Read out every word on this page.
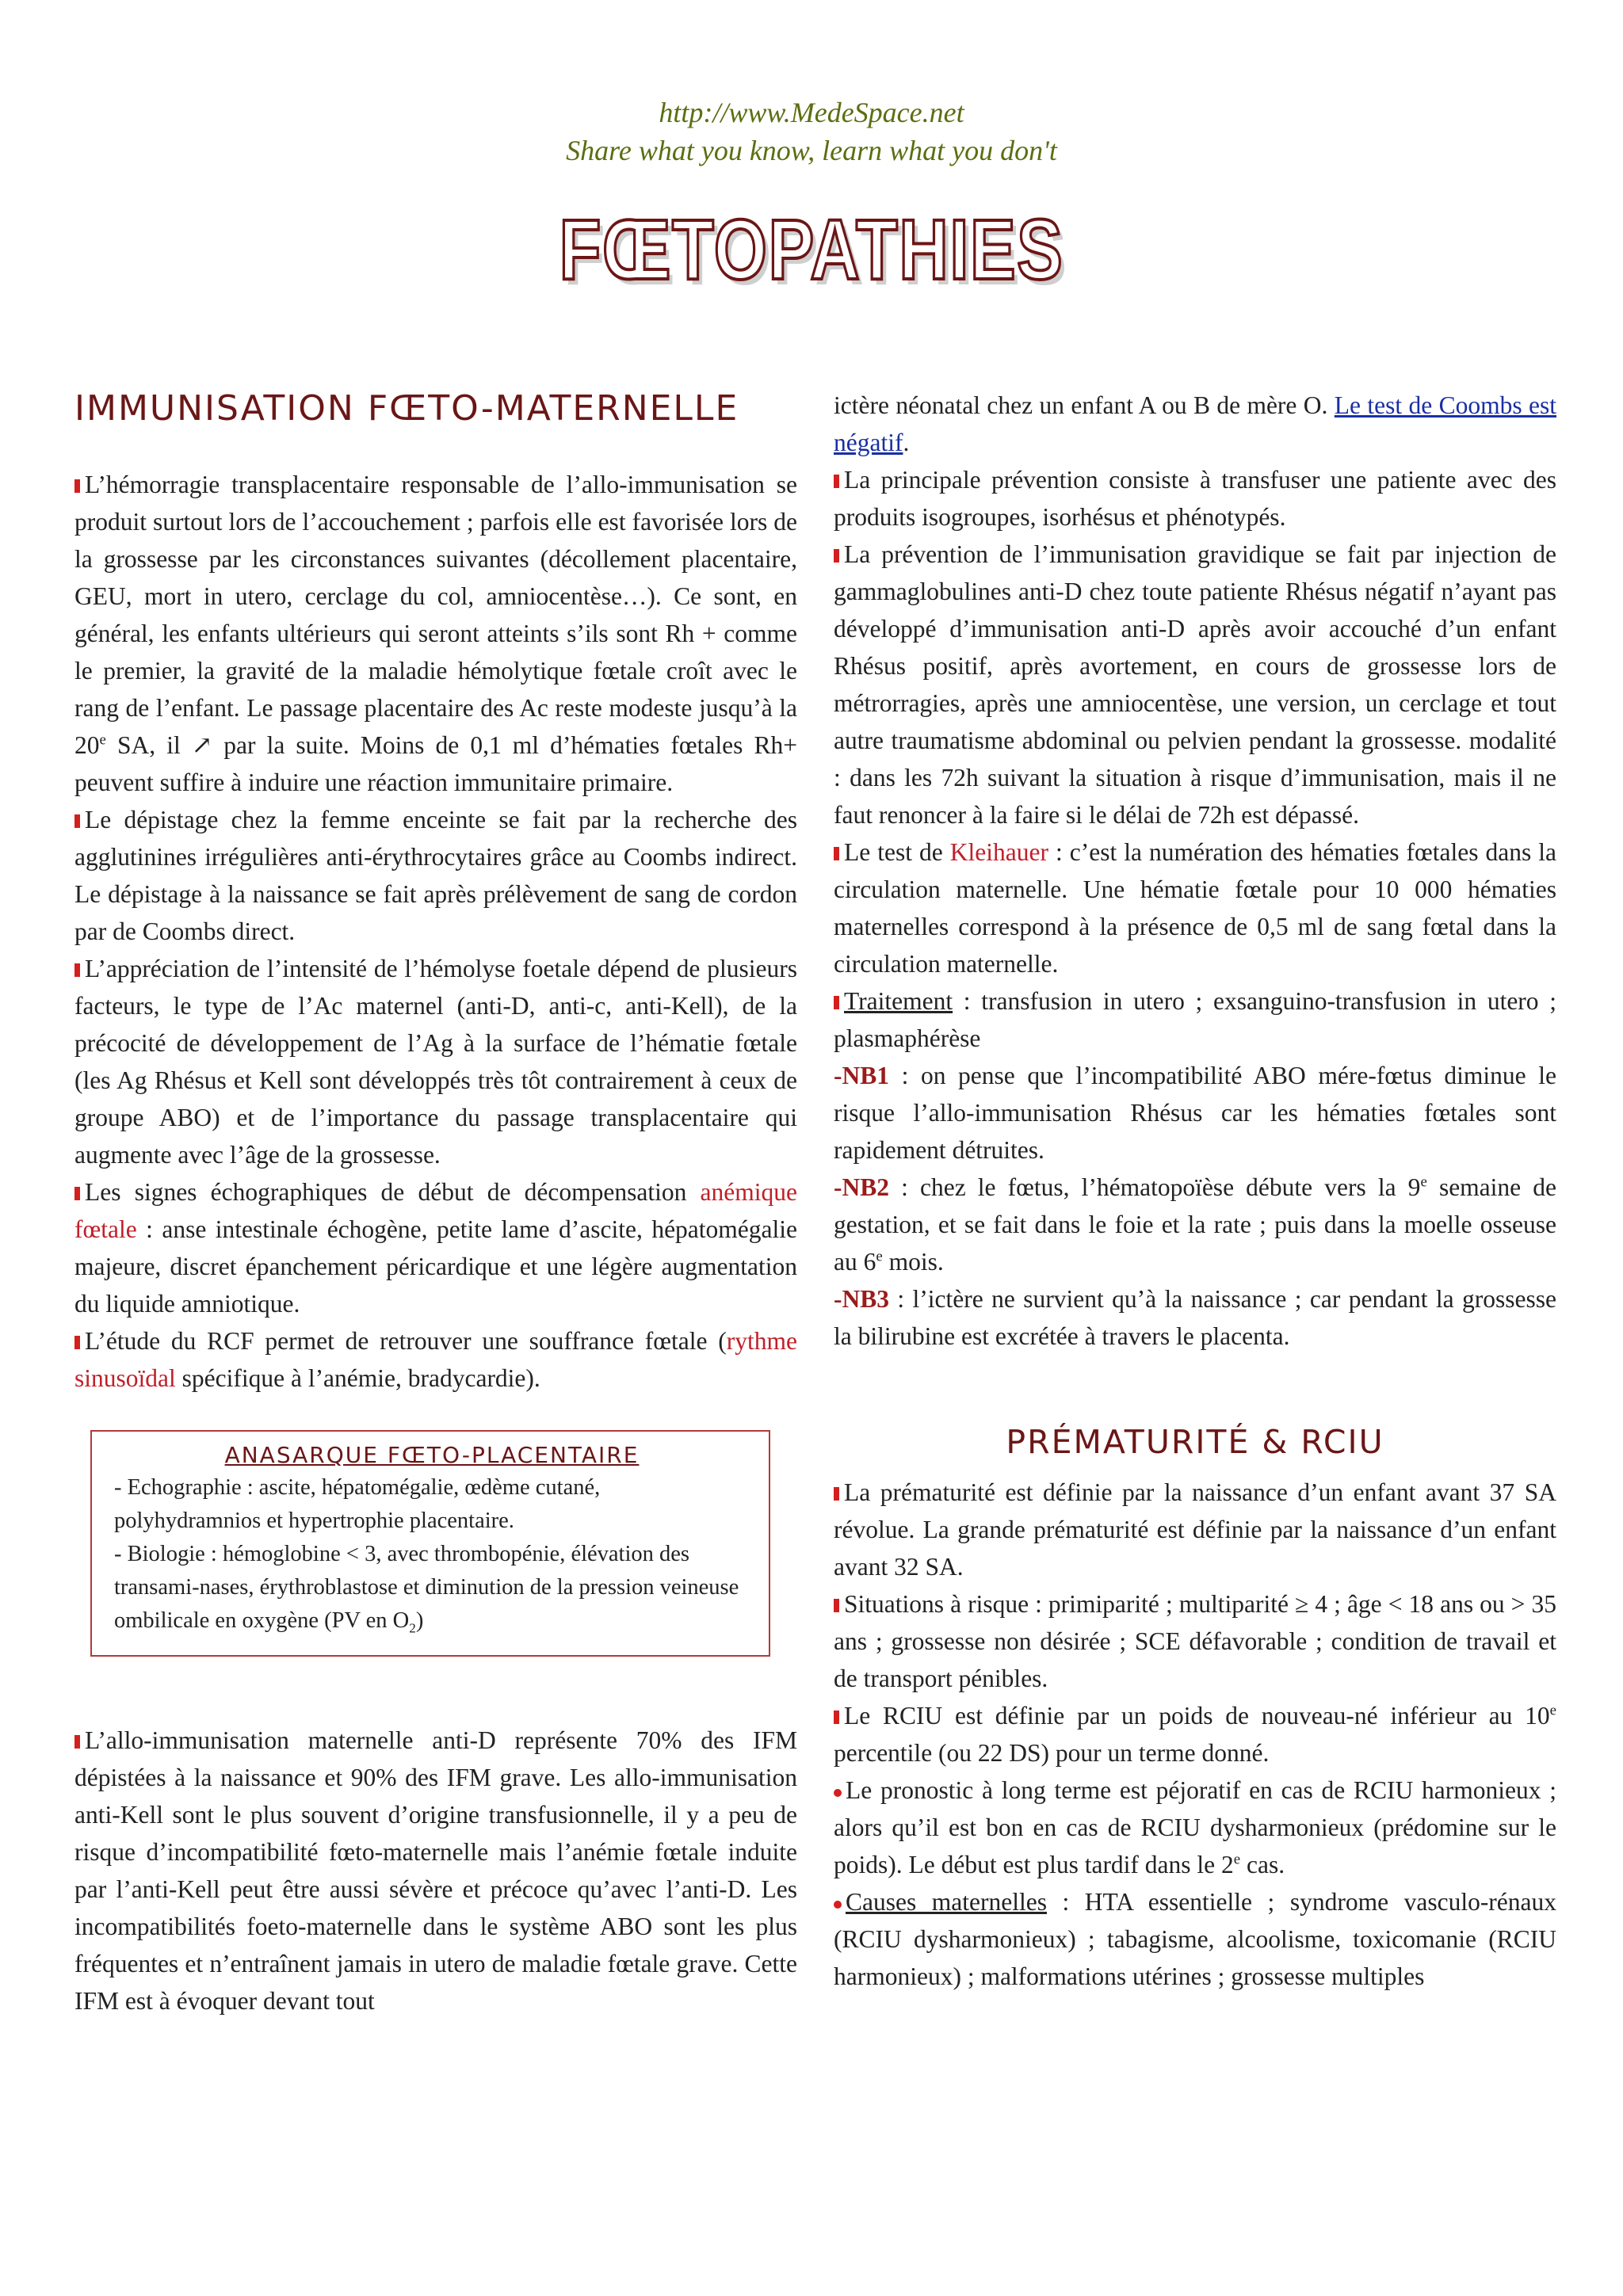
http://www.MedeSpace.net
Share what you know, learn what you don't
FŒTOPATHIES
IMMUNISATION FŒTO-MATERNELLE

L’hémorragie transplacentaire responsable de l’allo-immunisation se produit surtout lors de l’accouchement ; parfois elle est favorisée lors de la grossesse par les circonstances suivantes (décollement placentaire, GEU, mort in utero, cerclage du col, amniocentèse…). Ce sont, en général, les enfants ultérieurs qui seront atteints s’ils sont Rh + comme le premier, la gravité de la maladie hémolytique fœtale croît avec le rang de l’enfant. Le passage placentaire des Ac reste modeste jusqu’à la 20e SA, il ↗ par la suite. Moins de 0,1 ml d’hématies fœtales Rh+ peuvent suffire à induire une réaction immunitaire primaire.

Le dépistage chez la femme enceinte se fait par la recherche des agglutinines irrégulières anti-érythrocytaires grâce au Coombs indirect. Le dépistage à la naissance se fait après prélèvement de sang de cordon par de Coombs direct.

L’appréciation de l’intensité de l’hémolyse foetale dépend de plusieurs facteurs, le type de l’Ac maternel (anti-D, anti-c, anti-Kell), de la précocité de développement de l’Ag à la surface de l’hématie fœtale (les Ag Rhésus et Kell sont développés très tôt contrairement à ceux de groupe ABO) et de l’importance du passage transplacentaire qui augmente avec l’âge de la grossesse.

Les signes échographiques de début de décompensation anémique fœtale : anse intestinale échogène, petite lame d’ascite, hépatomégalie majeure, discret épanchement péricardique et une légère augmentation du liquide amniotique.

L’étude du RCF permet de retrouver une souffrance fœtale (rythme sinusoïdal spécifique à l’anémie, bradycardie).

ANASARQUE FŒTO-PLACENTAIRE
- Echographie : ascite, hépatomégalie, œdème cutané, polyhydramnios et hypertrophie placentaire.
- Biologie : hémoglobine < 3, avec thrombopénie, élévation des transami-nases, érythroblastose et diminution de la pression veineuse ombilicale en oxygène (PV en $O_2$)

L’allo-immunisation maternelle anti-D représente 70% des IFM dépistées à la naissance et 90% des IFM grave. Les allo-immunisation anti-Kell sont le plus souvent d’origine transfusionnelle, il y a peu de risque d’incompatibilité fœto-maternelle mais l’anémie fœtale induite par l’anti-Kell peut être aussi sévère et précoce qu’avec l’anti-D. Les incompatibilités foeto-maternelle dans le système ABO sont les plus fréquentes et n’entraînent jamais in utero de maladie fœtale grave. Cette IFM est à évoquer devant tout

ictère néonatal chez un enfant A ou B de mère O. Le test de Coombs est négatif.

La principale prévention consiste à transfuser une patiente avec des produits isogroupes, isorhésus et phénotypés.

La prévention de l’immunisation gravidique se fait par injection de gammaglobulines anti-D chez toute patiente Rhésus négatif n’ayant pas développé d’immunisation anti-D après avoir accouché d’un enfant Rhésus positif, après avortement, en cours de grossesse lors de métrorragies, après une amniocentèse, une version, un cerclage et tout autre traumatisme abdominal ou pelvien pendant la grossesse. modalité : dans les 72h suivant la situation à risque d’immunisation, mais il ne faut renoncer à la faire si le délai de 72h est dépassé.

Le test de Kleihauer : c’est la numération des hématies fœtales dans la circulation maternelle. Une hématie fœtale pour 10 000 hématies maternelles correspond à la présence de 0,5 ml de sang fœtal dans la circulation maternelle.

Traitement : transfusion in utero ; exsanguino-transfusion in utero ; plasmaphérèse

-NB1 : on pense que l’incompatibilité ABO mére-fœtus diminue le risque l’allo-immunisation Rhésus car les hématies fœtales sont rapidement détruites.

-NB2 : chez le fœtus, l’hématopoïèse débute vers la 9e semaine de gestation, et se fait dans le foie et la rate ; puis dans la moelle osseuse au 6e mois.

-NB3 : l’ictère ne survient qu’à la naissance ; car pendant la grossesse la bilirubine est excrétée à travers le placenta.

PRÉMATURITÉ & RCIU

La prématurité est définie par la naissance d’un enfant avant 37 SA révolue. La grande prématurité est définie par la naissance d’un enfant avant 32 SA.

Situations à risque : primiparité ; multiparité ≥ 4 ; âge < 18 ans ou > 35 ans ; grossesse non désirée ; SCE défavorable ; condition de travail et de transport pénibles.

Le RCIU est définie par un poids de nouveau-né inférieur au 10e percentile (ou 22 DS) pour un terme donné.

Le pronostic à long terme est péjoratif en cas de RCIU harmonieux ; alors qu’il est bon en cas de RCIU dysharmonieux (prédomine sur le poids). Le début est plus tardif dans le 2e cas.

Causes maternelles : HTA essentielle ; syndrome vasculo-rénaux (RCIU dysharmonieux) ; tabagisme, alcoolisme, toxicomanie (RCIU harmonieux) ; malformations utérines ; grossesse multiples
